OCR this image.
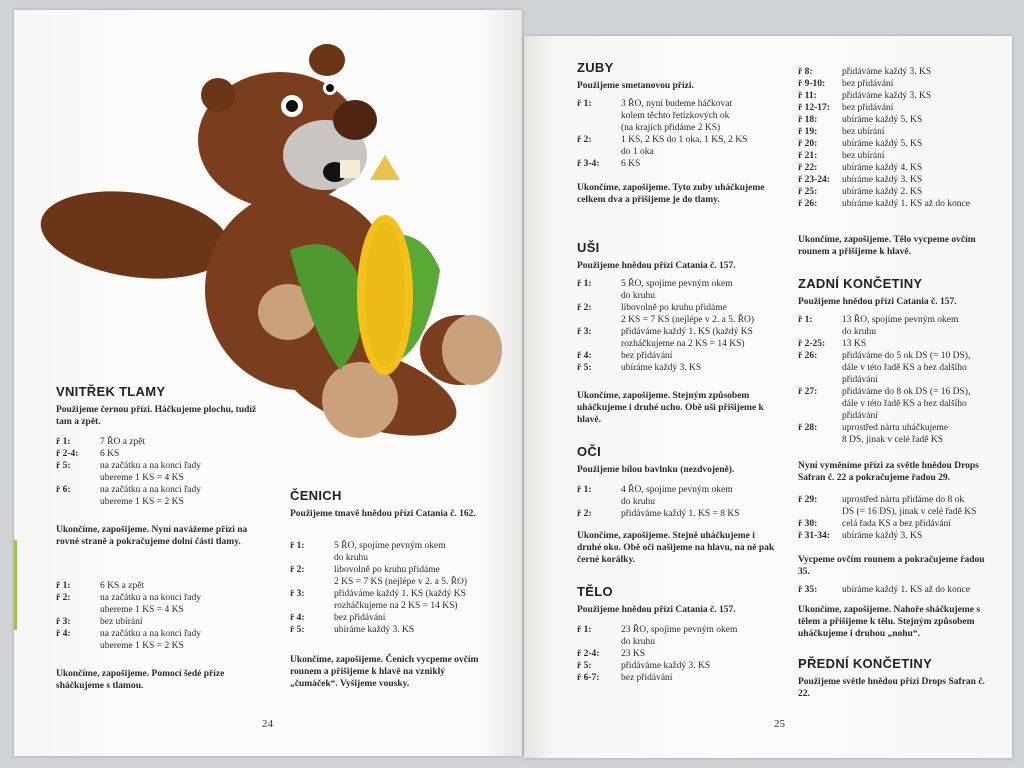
VNITŘEK TLAMY
Použijeme černou přízi. Háčkujeme plochu, tudíž tam a zpět.
ř 1:	7 ŘO a zpět
ř 2-4:	6 KS
ř 5:	na začátku a na konci řady
ubereme 1 KS = 4 KS
ř 6:	na začátku a na konci řady
ubereme 1 KS = 2 KS
Ukončíme, zapošijeme. Nyní navážeme přízi na rovné straně a pokračujeme dolní části tlamy.
ř 1:	6 KS a zpět
ř 2:	na začátku a na konci řady
ubereme 1 KS = 4 KS
ř 3:	bez ubírání
ř 4:	na začátku a na konci řady
ubereme 1 KS = 2 KS
Ukončíme, zapošijeme. Pomocí šedé příze sháčkujeme s tlamou.
ČENICH
Použijeme tmavě hnědou přízi Catania č. 162.
ř 1:	5 ŘO, spojíme pevným okem
do kruhu
ř 2:	libovolně po kruhu přidáme
2 KS = 7 KS (nejlépe v 2. a 5. ŘO)
ř 3:	přidáváme každý 1. KS (každý KS
rozháčkujeme na 2 KS = 14 KS)
ř 4:	bez přidávání
ř 5:	ubíráme každý 3. KS
Ukončíme, zapošijeme. Čenich vycpeme ovčím rounem a přišijeme k hlavě na vzniklý „čumáček“. Vyšijeme vousky.
24
ZUBY
Použijeme smetanovou přízi.
ř 1:	3 ŘO, nyní budeme háčkovat
kolem těchto řetízkových ok
(na krajích přidáme 2 KS)
ř 2:	1 KS, 2 KS do 1 oka, 1 KS, 2 KS
do 1 oka
ř 3-4:	6 KS
Ukončíme, zapošijeme. Tyto zuby uháčkujeme celkem dva a přišijeme je do tlamy.
UŠI
Použijeme hnědou přízi Catania č. 157.
ř 1:	5 ŘO, spojíme pevným okem
do kruhu
ř 2:	libovolně po kruhu přidáme
2 KS = 7 KS (nejlépe v 2. a 5. ŘO)
ř 3:	přidáváme každý 1. KS (každý KS
rozháčkujeme na 2 KS = 14 KS)
ř 4:	bez přidávání
ř 5:	ubíráme každý 3. KS
Ukončíme, zapošijeme. Stejným způsobem uháčkujeme i druhé ucho. Obě uši přišijeme k hlavě.
OČI
Použijeme bílou bavlnku (nezdvojeně).
ř 1:	4 ŘO, spojíme pevným okem
do kruhu
ř 2:	přidáváme každý 1. KS = 8 KS
Ukončíme, zapošijeme. Stejně uháčkujeme i druhé oko. Obě oči našijeme na hlavu, na ně pak černé korálky.
TĚLO
Použijeme hnědou přízi Catania č. 157.
ř 1:	23 ŘO, spojíme pevným okem
do kruhu
ř 2-4:	23 KS
ř 5:	přidáváme každý 3. KS
ř 6-7:	bez přidávání
25
ř 8:	přidáváme každý 3. KS
ř 9-10:	bez přidávání
ř 11:	přidáváme každý 3. KS
ř 12-17:	bez přidávání
ř 18:	ubíráme každý 5. KS
ř 19:	bez ubírání
ř 20:	ubíráme každý 5. KS
ř 21:	bez ubírání
ř 22:	ubíráme každý 4. KS
ř 23-24:	ubíráme každý 3. KS
ř 25:	ubíráme každý 2. KS
ř 26:	ubíráme každý 1. KS až do konce
Ukončíme, zapošijeme. Tělo vycpeme ovčím rounem a přišijeme k hlavě.
ZADNÍ KONČETINY
Použijeme hnědou přízi Catania č. 157.
ř 1:	13 ŘO, spojíme pevným okem
do kruhu
ř 2-25:	13 KS
ř 26:	přidáváme do 5 ok DS (= 10 DS),
dále v této řadě KS a bez dalšího
přidávání
ř 27:	přidáváme do 8 ok DS (= 16 DS),
dále v této řadě KS a bez dalšího
přidávání
ř 28:	uprostřed nártu uháčkujeme
8 DS, jinak v celé řadě KS
Nyní vyměníme přízi za světle hnědou Drops Safran č. 22 a pokračujeme řadou 29.
ř 29:	uprostřed nártu přidáme do 8 ok
DS (= 16 DS), jinak v celé řadě KS
ř 30:	celá řada KS a bez přidávání
ř 31-34:	ubíráme každý 3. KS
Vycpeme ovčím rounem a pokračujeme řadou 35.
ř 35:	ubíráme každý 1. KS až do konce
Ukončíme, zapošijeme. Nahoře sháčkujeme s tělem a přišijeme k tělu. Stejným způsobem uháčkujeme i druhou „nohu“.
PŘEDNÍ KONČETINY
Použijeme světle hnědou přízi Drops Safran č. 22.
